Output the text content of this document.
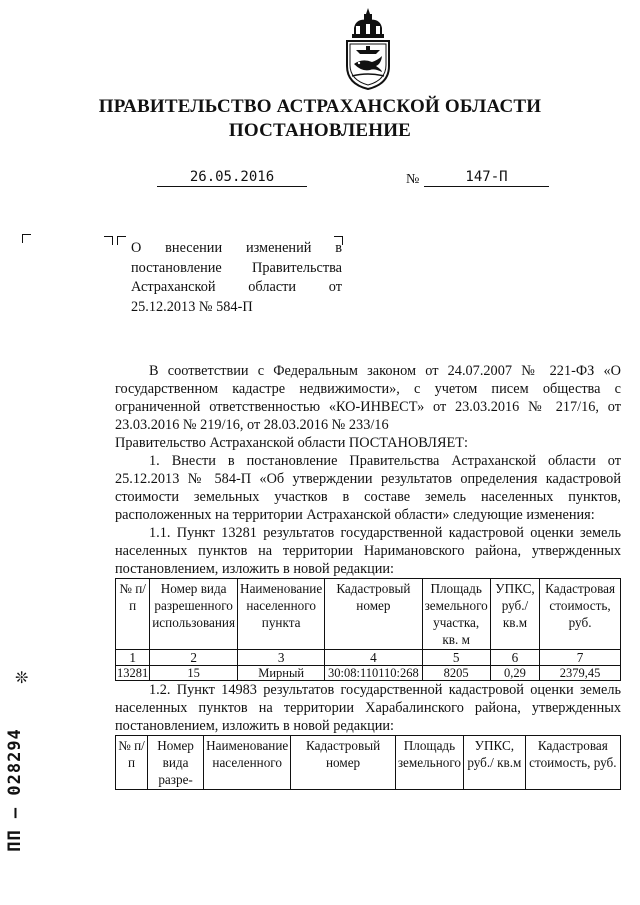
ПРАВИТЕЛЬСТВО АСТРАХАНСКОЙ ОБЛАСТИ
ПОСТАНОВЛЕНИЕ
26.05.2016	№	147-П
О внесении изменений в постановление Правительства Астраханской области от 25.12.2013 № 584-П

В соответствии с Федеральным законом от 24.07.2007 № 221-ФЗ «О государственном кадастре недвижимости», с учетом писем общества с ограниченной ответственностью «КО-ИНВЕСТ» от 23.03.2016 № 217/16, от 23.03.2016 № 219/16, от 28.03.2016 № 233/16

Правительство Астраханской области ПОСТАНОВЛЯЕТ:

1. Внести в постановление Правительства Астраханской области от 25.12.2013 № 584-П «Об утверждении результатов определения кадастровой стоимости земельных участков в составе земель населенных пунктов, расположенных на территории Астраханской области» следующие изменения:

1.1. Пункт 13281 результатов государственной кадастровой оценки земель населенных пунктов на территории Наримановского района, утвержденных постановлением, изложить в новой редакции:

№ п/п	Номер вида разрешенного использования	Наименование населенного пункта	Кадастровый номер	Площадь земельного участка, кв. м	УПКС, руб./ кв.м	Кадастровая стоимость, руб.
1	2	3	4	5	6	7
13281	15	Мирный	30:08:110110:268	8205	0,29	2379,45

1.2. Пункт 14983 результатов государственной кадастровой оценки земель населенных пунктов на территории Харабалинского района, утвержденных постановлением, изложить в новой редакции:

№ п/п	Номер вида разре-	Наименование населенного	Кадастровый номер	Площадь земельного	УПКС, руб./ кв.м	Кадастровая стоимость, руб.
❊
ПП – 028294
